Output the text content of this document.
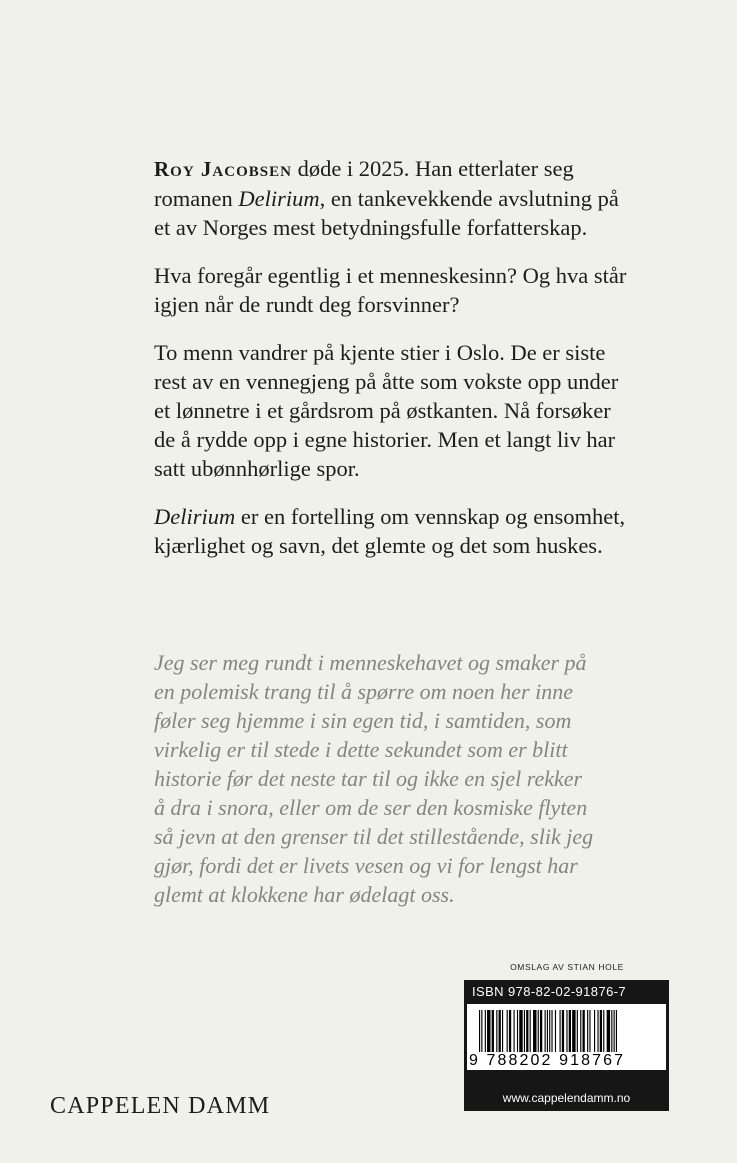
Roy Jacobsen døde i 2025. Han etterlater seg romanen Delirium, en tankevekkende avslutning på et av Norges mest betydningsfulle forfatterskap.

Hva foregår egentlig i et menneskesinn? Og hva står igjen når de rundt deg forsvinner?

To menn vandrer på kjente stier i Oslo. De er siste rest av en vennegjeng på åtte som vokste opp under et lønnetre i et gårdsrom på østkanten. Nå forsøker de å rydde opp i egne historier. Men et langt liv har satt ubønnhørlige spor.

Delirium er en fortelling om vennskap og ensomhet, kjærlighet og savn, det glemte og det som huskes.

Jeg ser meg rundt i menneskehavet og smaker på
en polemisk trang til å spørre om noen her inne
føler seg hjemme i sin egen tid, i samtiden, som
virkelig er til stede i dette sekundet som er blitt
historie før det neste tar til og ikke en sjel rekker
å dra i snora, eller om de ser den kosmiske flyten
så jevn at den grenser til det stillestående, slik jeg
gjør, fordi det er livets vesen og vi for lengst har
glemt at klokkene har ødelagt oss.
OMSLAG AV STIAN HOLE
ISBN 978-82-02-91876-7
9 788202 918767
www.cappelendamm.no
CAPPELEN DAMM
